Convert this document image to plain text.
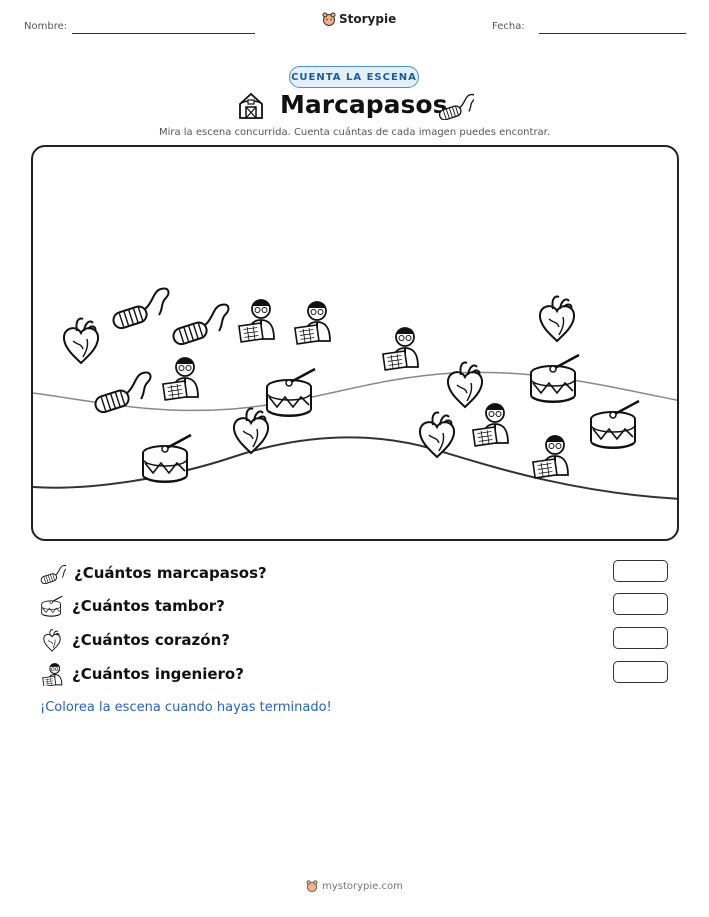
Nombre:
Storypie
Fecha:
CUENTA LA ESCENA
Marcapasos
Mira la escena concurrida. Cuenta cuántas de cada imagen puedes encontrar.
¿Cuántos marcapasos?
¿Cuántos tambor?
¿Cuántos corazón?
¿Cuántos ingeniero?
¡Colorea la escena cuando hayas terminado!
mystorypie.com
